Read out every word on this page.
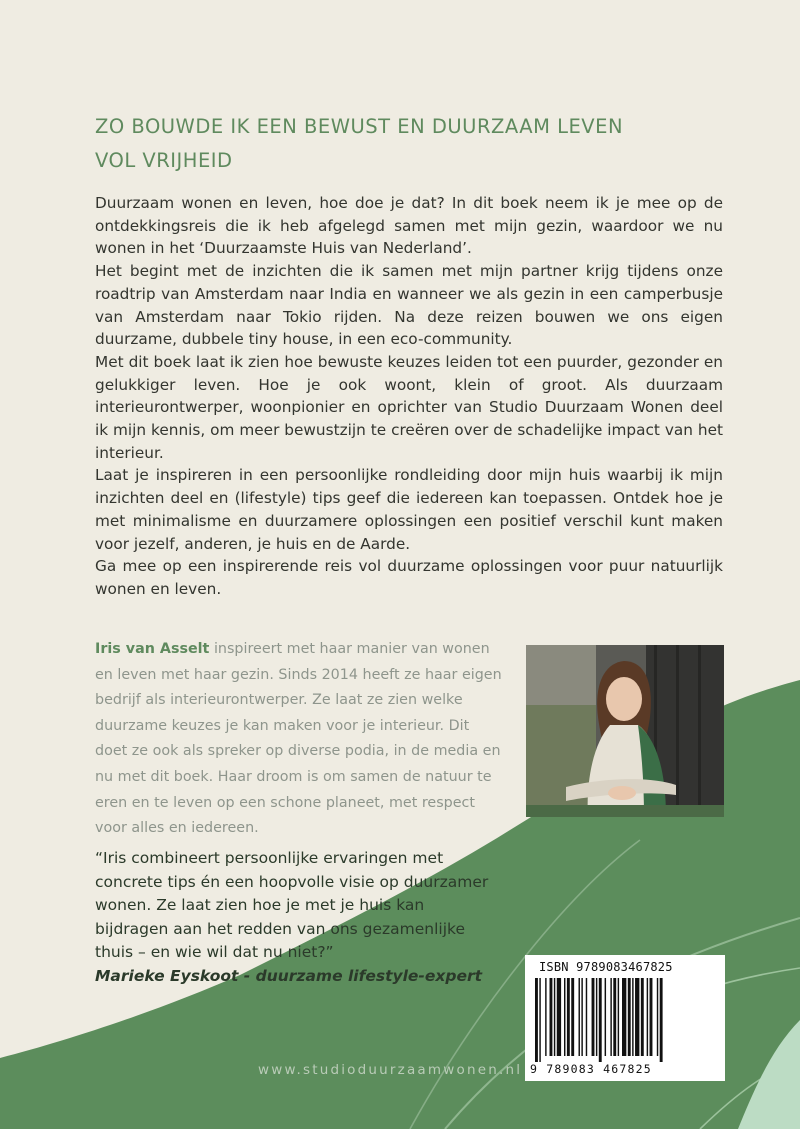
ZO BOUWDE IK EEN BEWUST EN DUURZAAM LEVEN
VOL VRIJHEID

Duurzaam wonen en leven, hoe doe je dat? In dit boek neem ik je mee op de ontdekkingsreis die ik heb afgelegd samen met mijn gezin, waardoor we nu wonen in het ‘Duurzaamste Huis van Nederland’.

Het begint met de inzichten die ik samen met mijn partner krijg tijdens onze roadtrip van Amsterdam naar India en wanneer we als gezin in een camperbusje van Amsterdam naar Tokio rijden. Na deze reizen bouwen we ons eigen duurzame, dubbele tiny house, in een eco-community.

Met dit boek laat ik zien hoe bewuste keuzes leiden tot een puurder, gezonder en gelukkiger leven. Hoe je ook woont, klein of groot. Als duurzaam interieurontwerper, woonpionier en oprichter van Studio Duurzaam Wonen deel ik mijn kennis, om meer bewustzijn te creëren over de schadelijke impact van het interieur.

Laat je inspireren in een persoonlijke rondleiding door mijn huis waarbij ik mijn inzichten deel en (lifestyle) tips geef die iedereen kan toepassen. Ontdek hoe je met minimalisme en duurzamere oplossingen een positief verschil kunt maken voor jezelf, anderen, je huis en de Aarde.

Ga mee op een inspirerende reis vol duurzame oplossingen voor puur natuurlijk wonen en leven.

Iris van Asselt inspireert met haar manier van wonen en leven met haar gezin. Sinds 2014 heeft ze haar eigen bedrijf als interieurontwerper. Ze laat ze zien welke duurzame keuzes je kan maken voor je interieur. Dit doet ze ook als spreker op diverse podia, in de media en nu met dit boek. Haar droom is om samen de natuur te eren en te leven op een schone planeet, met respect voor alles en iedereen.
“Iris combineert persoonlijke ervaringen met concrete tips én een hoopvolle visie op duurzamer wonen. Ze laat zien hoe je met je huis kan bijdragen aan het redden van ons gezamenlijke thuis – en wie wil dat nu niet?”
Marieke Eyskoot - duurzame lifestyle-expert	ISBN 9789083467825
9 789083 467825
www.studioduurzaamwonen.nl
